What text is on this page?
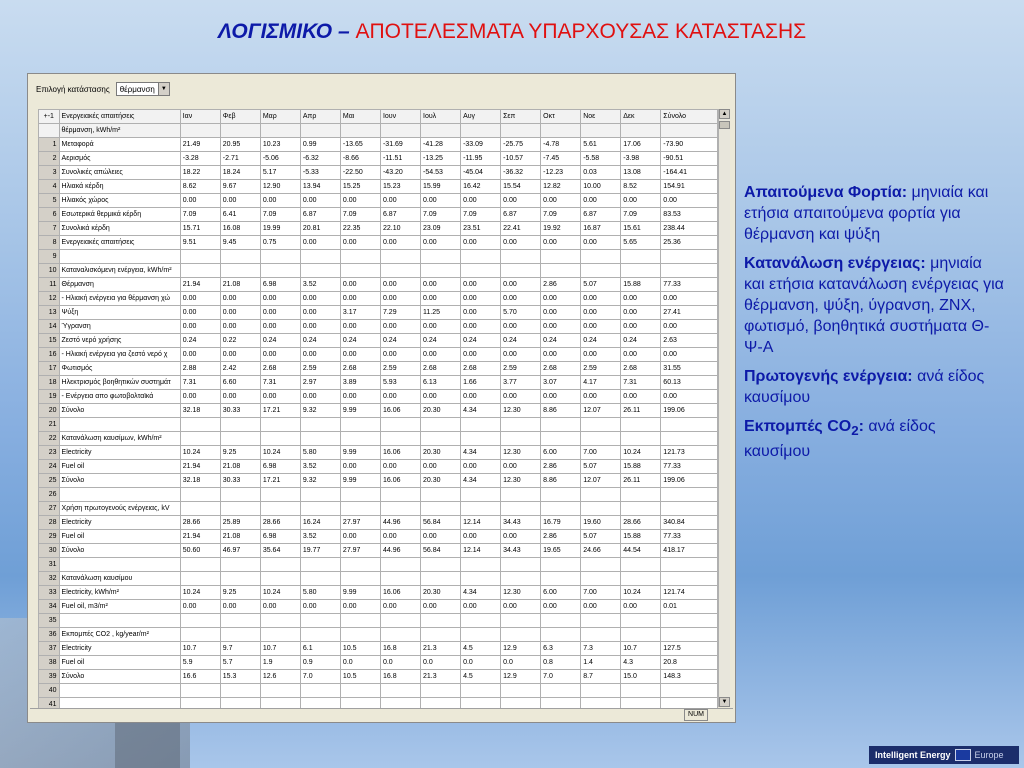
ΛΟΓΙΣΜΙΚΟ – ΑΠΟΤΕΛΕΣΜΑΤΑ ΥΠΑΡΧΟΥΣΑΣ ΚΑΤΑΣΤΑΣΗΣ
Επιλογή κατάστασης	θέρμανση	▼
+-1	Ενεργειακές απαιτήσεις	Ιαν	Φεβ	Μαρ	Απρ	Μαι	Ιουν	Ιουλ	Αυγ	Σεπ	Οκτ	Νοε	Δεκ	Σύνολο
	θέρμανση, kWh/m²													
1	Μεταφορά	21.49	20.95	10.23	0.99	-13.65	-31.69	-41.28	-33.09	-25.75	-4.78	5.61	17.06	-73.90
2	Αερισμός	-3.28	-2.71	-5.06	-6.32	-8.66	-11.51	-13.25	-11.95	-10.57	-7.45	-5.58	-3.98	-90.51
3	Συνολικές απώλειες	18.22	18.24	5.17	-5.33	-22.50	-43.20	-54.53	-45.04	-36.32	-12.23	0.03	13.08	-164.41
4	Ηλιακά κέρδη	8.62	9.67	12.90	13.94	15.25	15.23	15.99	16.42	15.54	12.82	10.00	8.52	154.91
5	Ηλιακός χώρος	0.00	0.00	0.00	0.00	0.00	0.00	0.00	0.00	0.00	0.00	0.00	0.00	0.00
6	Εσωτερικά θερμικά κέρδη	7.09	6.41	7.09	6.87	7.09	6.87	7.09	7.09	6.87	7.09	6.87	7.09	83.53
7	Συνολικά κέρδη	15.71	16.08	19.99	20.81	22.35	22.10	23.09	23.51	22.41	19.92	16.87	15.61	238.44
8	Ενεργειακές απαιτήσεις	9.51	9.45	0.75	0.00	0.00	0.00	0.00	0.00	0.00	0.00	0.00	5.65	25.36
9														
10	Καταναλισκόμενη ενέργεια, kWh/m²													
11	Θέρμανση	21.94	21.08	6.98	3.52	0.00	0.00	0.00	0.00	0.00	2.86	5.07	15.88	77.33
12	- Ηλιακή ενέργεια για θέρμανση χώ	0.00	0.00	0.00	0.00	0.00	0.00	0.00	0.00	0.00	0.00	0.00	0.00	0.00
13	Ψύξη	0.00	0.00	0.00	0.00	3.17	7.29	11.25	0.00	5.70	0.00	0.00	0.00	27.41
14	Ύγρανση	0.00	0.00	0.00	0.00	0.00	0.00	0.00	0.00	0.00	0.00	0.00	0.00	0.00
15	Ζεστό νερό χρήσης	0.24	0.22	0.24	0.24	0.24	0.24	0.24	0.24	0.24	0.24	0.24	0.24	2.63
16	- Ηλιακή ενέργεια για ζεστό νερό χ	0.00	0.00	0.00	0.00	0.00	0.00	0.00	0.00	0.00	0.00	0.00	0.00	0.00
17	Φωτισμός	2.88	2.42	2.68	2.59	2.68	2.59	2.68	2.68	2.59	2.68	2.59	2.68	31.55
18	Ηλεκτρισμός βοηθητικών συστημάτ	7.31	6.60	7.31	2.97	3.89	5.93	6.13	1.66	3.77	3.07	4.17	7.31	60.13
19	- Ενέργεια απο φωτοβολταϊκά	0.00	0.00	0.00	0.00	0.00	0.00	0.00	0.00	0.00	0.00	0.00	0.00	0.00
20	Σύνολο	32.18	30.33	17.21	9.32	9.99	16.06	20.30	4.34	12.30	8.86	12.07	26.11	199.06
21														
22	Κατανάλωση καυσίμων, kWh/m²													
23	Electricity	10.24	9.25	10.24	5.80	9.99	16.06	20.30	4.34	12.30	6.00	7.00	10.24	121.73
24	Fuel oil	21.94	21.08	6.98	3.52	0.00	0.00	0.00	0.00	0.00	2.86	5.07	15.88	77.33
25	Σύνολο	32.18	30.33	17.21	9.32	9.99	16.06	20.30	4.34	12.30	8.86	12.07	26.11	199.06
26														
27	Χρήση πρωτογενούς ενέργειας, kV													
28	Electricity	28.66	25.89	28.66	16.24	27.97	44.96	56.84	12.14	34.43	16.79	19.60	28.66	340.84
29	Fuel oil	21.94	21.08	6.98	3.52	0.00	0.00	0.00	0.00	0.00	2.86	5.07	15.88	77.33
30	Σύνολο	50.60	46.97	35.64	19.77	27.97	44.96	56.84	12.14	34.43	19.65	24.66	44.54	418.17
31														
32	Κατανάλωση καυσίμου													
33	Electricity, kWh/m²	10.24	9.25	10.24	5.80	9.99	16.06	20.30	4.34	12.30	6.00	7.00	10.24	121.74
34	Fuel oil, m3/m²	0.00	0.00	0.00	0.00	0.00	0.00	0.00	0.00	0.00	0.00	0.00	0.00	0.01
35														
36	Εκπομπές CO2 , kg/year/m²													
37	Electricity	10.7	9.7	10.7	6.1	10.5	16.8	21.3	4.5	12.9	6.3	7.3	10.7	127.5
38	Fuel oil	5.9	5.7	1.9	0.9	0.0	0.0	0.0	0.0	0.0	0.8	1.4	4.3	20.8
39	Σύνολο	16.6	15.3	12.6	7.0	10.5	16.8	21.3	4.5	12.9	7.0	8.7	15.0	148.3
40														
41														
▲
▼
NUM

Απαιτούμενα Φορτία: μηνιαία και ετήσια απαιτούμενα φορτία για θέρμανση και ψύξη

Κατανάλωση ενέργειας: μηνιαία και ετήσια κατανάλωση ενέργειας για θέρμανση, ψύξη, ύγρανση, ZNX, φωτισμό, βοηθητικά συστήματα Θ-Ψ-Α

Πρωτογενής ενέργεια: ανά είδος καυσίμου

Εκπομπές $CO_2$: ανά είδος καυσίμου

Intelligent Energy	Europe
